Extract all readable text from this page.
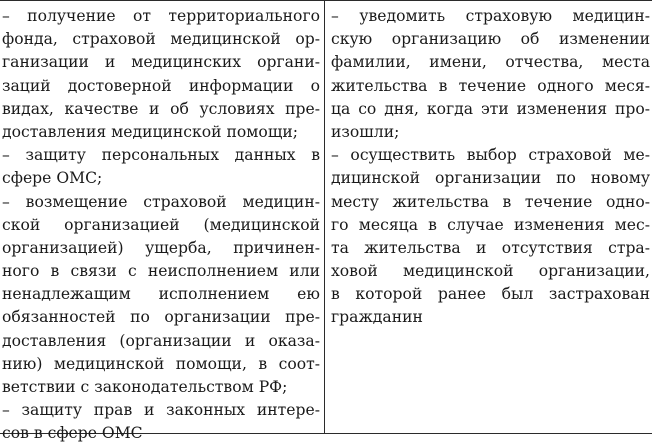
– получение от территориального
фонда, страховой медицинской ор-
ганизации и медицинских органи-
заций достоверной информации о
видах, качестве и об условиях пре-
доставления медицинской помощи;
– защиту персональных данных в
сфере ОМС;
– возмещение страховой медицин-
ской организацией (медицинской
организацией) ущерба, причинен-
ного в связи с неисполнением или
ненадлежащим исполнением ею
обязанностей по организации пре-
доставления (организации и оказа-
нию) медицинской помощи, в соот-
ветствии с законодательством РФ;
– защиту прав и законных интере-
сов в сфере ОМС
– уведомить страховую медицин-
скую организацию об изменении
фамилии, имени, отчества, места
жительства в течение одного меся-
ца со дня, когда эти изменения про-
изошли;
– осуществить выбор страховой ме-
дицинской организации по новому
месту жительства в течение одно-
го месяца в случае изменения мес-
та жительства и отсутствия стра-
ховой медицинской организации,
в которой ранее был застрахован
гражданин
